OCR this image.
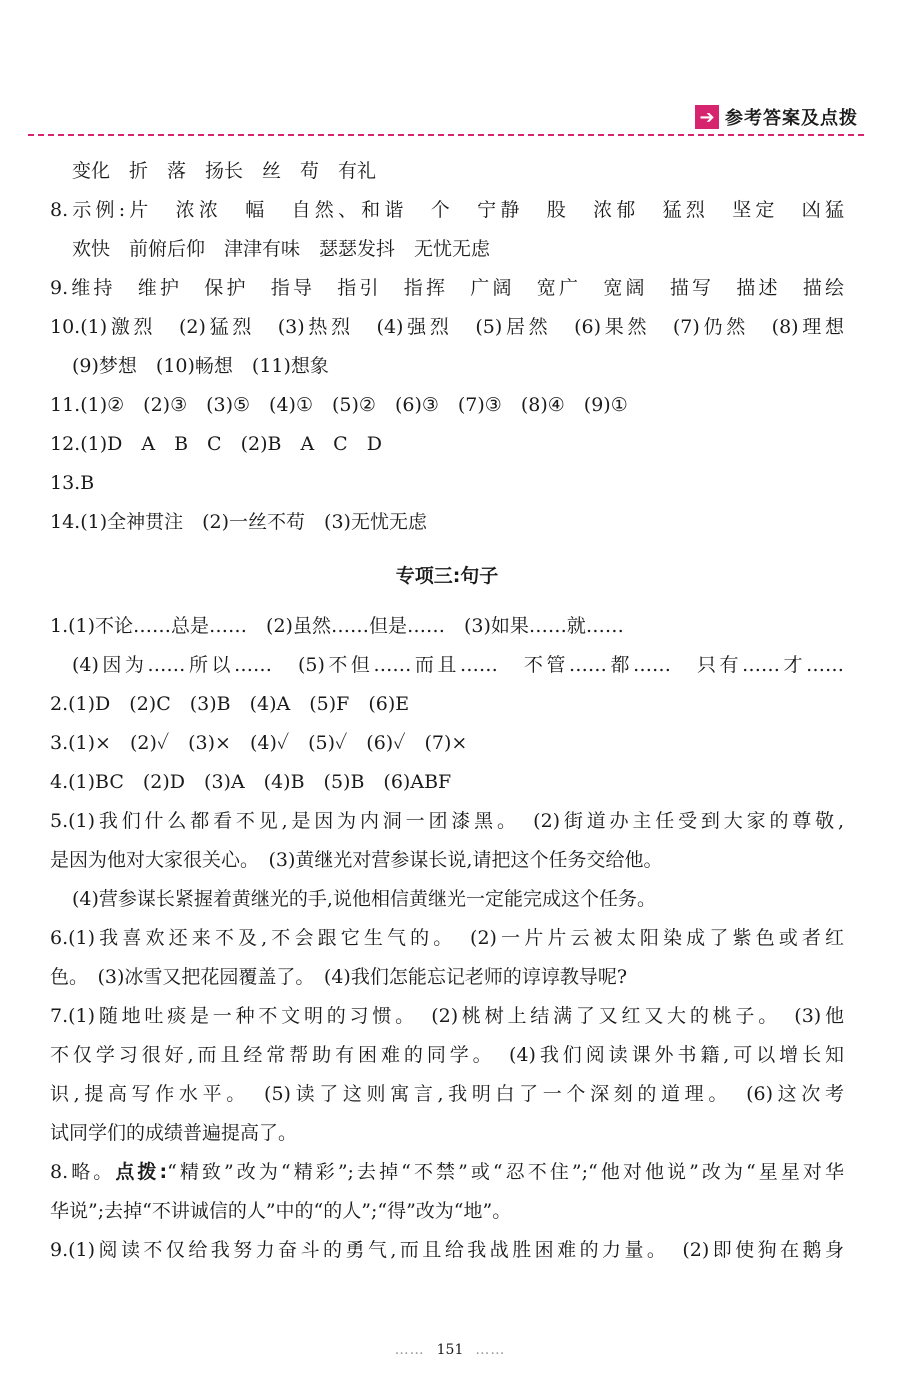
➔ 参考答案及点拨
变化　折　落　扬长　丝　苟　有礼
8.示例:片　浓浓　幅　自然、和谐　个　宁静　股　浓郁　猛烈　坚定　凶猛
欢快　前俯后仰　津津有味　瑟瑟发抖　无忧无虑
9.维持　维护　保护　指导　指引　指挥　广阔　宽广　宽阔　描写　描述　描绘
10.(1)激烈　(2)猛烈　(3)热烈　(4)强烈　(5)居然　(6)果然　(7)仍然　(8)理想
(9)梦想　(10)畅想　(11)想象
11.(1)②　(2)③　(3)⑤　(4)①　(5)②　(6)③　(7)③　(8)④　(9)①
12.(1)D　A　B　C　(2)B　A　C　D
13.B
14.(1)全神贯注　(2)一丝不苟　(3)无忧无虑
专项三:句子
1.(1)不论……总是……　(2)虽然……但是……　(3)如果……就……
(4)因为……所以……　(5)不但……而且……　不管……都……　只有……才……
2.(1)D　(2)C　(3)B　(4)A　(5)F　(6)E
3.(1)×　(2)✓　(3)×　(4)✓　(5)✓　(6)✓　(7)×
4.(1)BC　(2)D　(3)A　(4)B　(5)B　(6)ABF
5.(1)我们什么都看不见,是因为内洞一团漆黑。　(2)街道办主任受到大家的尊敬,
是因为他对大家很关心。　(3)黄继光对营参谋长说,请把这个任务交给他。
(4)营参谋长紧握着黄继光的手,说他相信黄继光一定能完成这个任务。
6.(1)我喜欢还来不及,不会跟它生气的。　(2)一片片云被太阳染成了紫色或者红
色。　(3)冰雪又把花园覆盖了。　(4)我们怎能忘记老师的谆谆教导呢?
7.(1)随地吐痰是一种不文明的习惯。　(2)桃树上结满了又红又大的桃子。　(3)他
不仅学习很好,而且经常帮助有困难的同学。　(4)我们阅读课外书籍,可以增长知
识,提高写作水平。　(5)读了这则寓言,我明白了一个深刻的道理。　(6)这次考
试同学们的成绩普遍提高了。
8.略。点拨:“精致”改为“精彩”;去掉“不禁”或“忍不住”;“他对他说”改为“星星对华
华说”;去掉“不讲诚信的人”中的“的人”;“得”改为“地”。
9.(1)阅读不仅给我努力奋斗的勇气,而且给我战胜困难的力量。　(2)即使狗在鹅身
…… 151 ……
